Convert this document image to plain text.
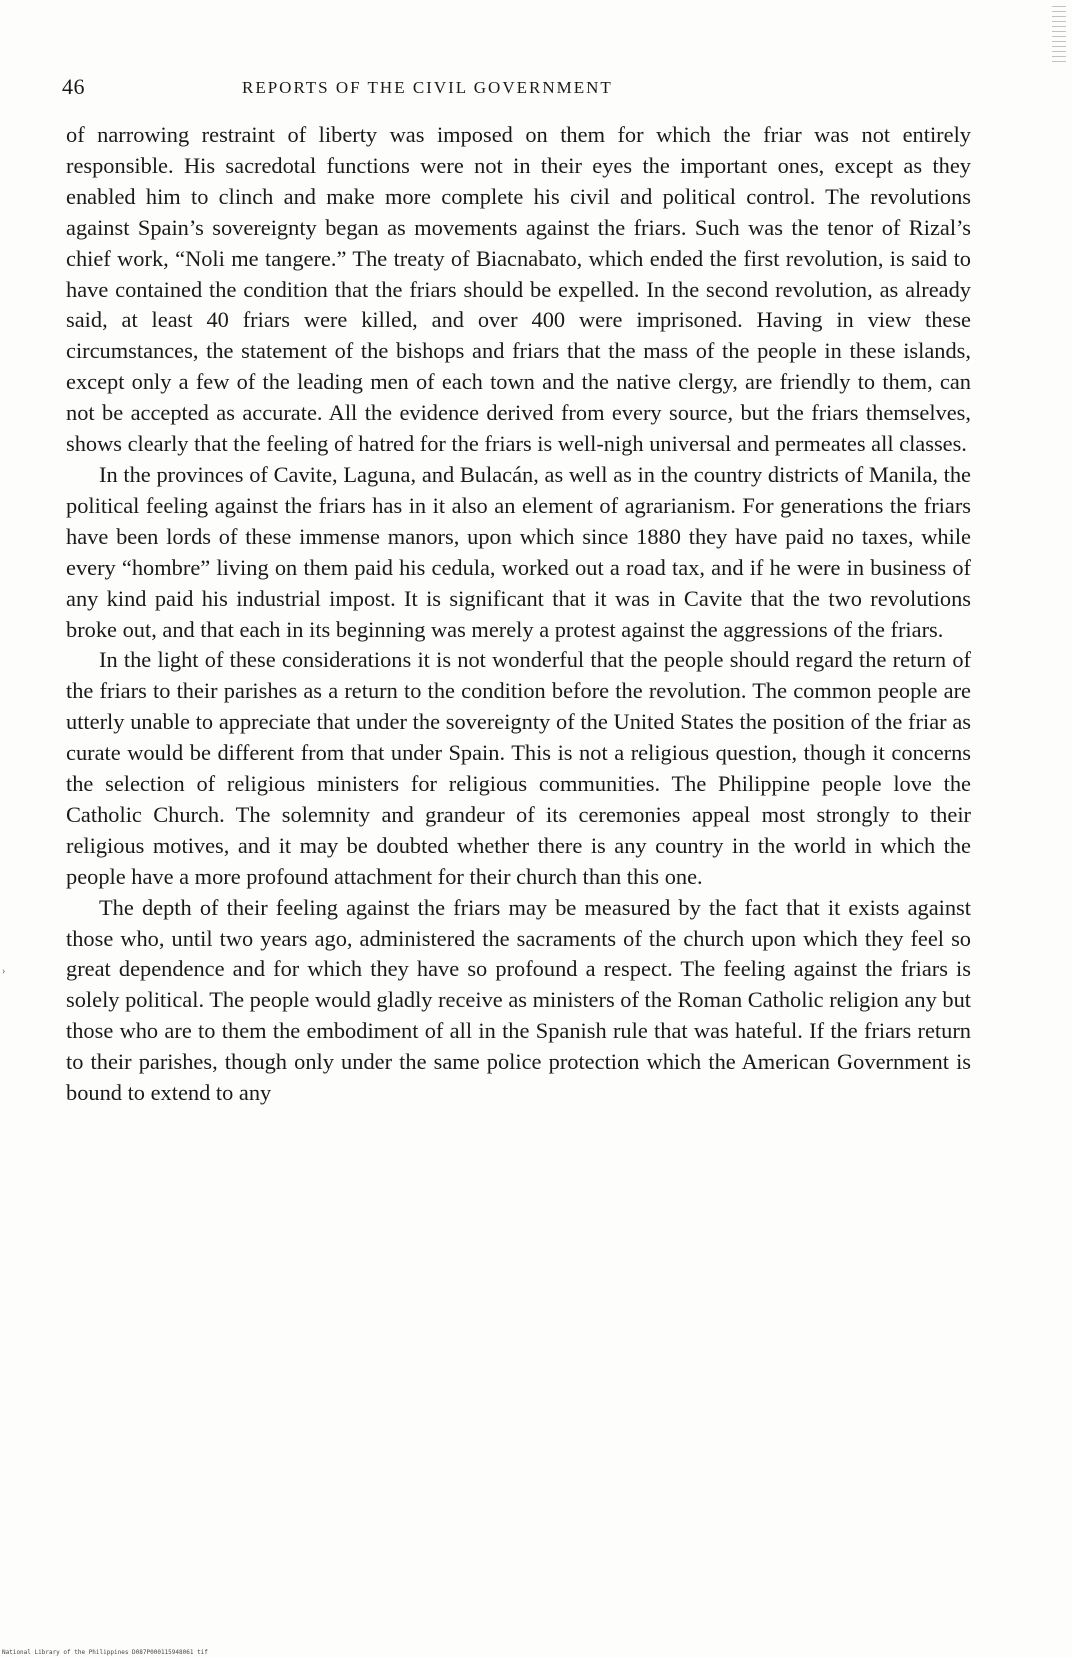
46	REPORTS OF THE CIVIL GOVERNMENT

of narrowing restraint of liberty was imposed on them for which the friar was not entirely responsible. His sacredotal functions were not in their eyes the important ones, except as they enabled him to clinch and make more complete his civil and political control. The revolutions against Spain’s sovereignty began as movements against the friars. Such was the tenor of Rizal’s chief work, “Noli me tangere.” The treaty of Biacnabato, which ended the first revolution, is said to have contained the condition that the friars should be expelled. In the second revolution, as already said, at least 40 friars were killed, and over 400 were imprisoned. Having in view these circumstances, the statement of the bishops and friars that the mass of the people in these islands, except only a few of the leading men of each town and the native clergy, are friendly to them, can not be accepted as accurate. All the evidence derived from every source, but the friars themselves, shows clearly that the feeling of hatred for the friars is well-nigh universal and permeates all classes.

In the provinces of Cavite, Laguna, and Bulacán, as well as in the country districts of Manila, the political feeling against the friars has in it also an element of agrarianism. For generations the friars have been lords of these immense manors, upon which since 1880 they have paid no taxes, while every “hombre” living on them paid his cedula, worked out a road tax, and if he were in business of any kind paid his industrial impost. It is significant that it was in Cavite that the two revolutions broke out, and that each in its beginning was merely a protest against the aggressions of the friars.

In the light of these considerations it is not wonderful that the people should regard the return of the friars to their parishes as a return to the condition before the revolution. The common people are utterly unable to appreciate that under the sovereignty of the United States the position of the friar as curate would be different from that under Spain. This is not a religious question, though it concerns the selection of religious ministers for religious communities. The Philippine people love the Catholic Church. The solemnity and grandeur of its ceremonies appeal most strongly to their religious motives, and it may be doubted whether there is any country in the world in which the people have a more profound attachment for their church than this one.

The depth of their feeling against the friars may be measured by the fact that it exists against those who, until two years ago, administered the sacraments of the church upon which they feel so great dependence and for which they have so profound a respect. The feeling against the friars is solely political. The people would gladly receive as ministers of the Roman Catholic religion any but those who are to them the embodiment of all in the Spanish rule that was hateful. If the friars return to their parishes, though only under the same police protection which the American Government is bound to extend to any

›
National Library of the Philippines D087P000115948061 tif
